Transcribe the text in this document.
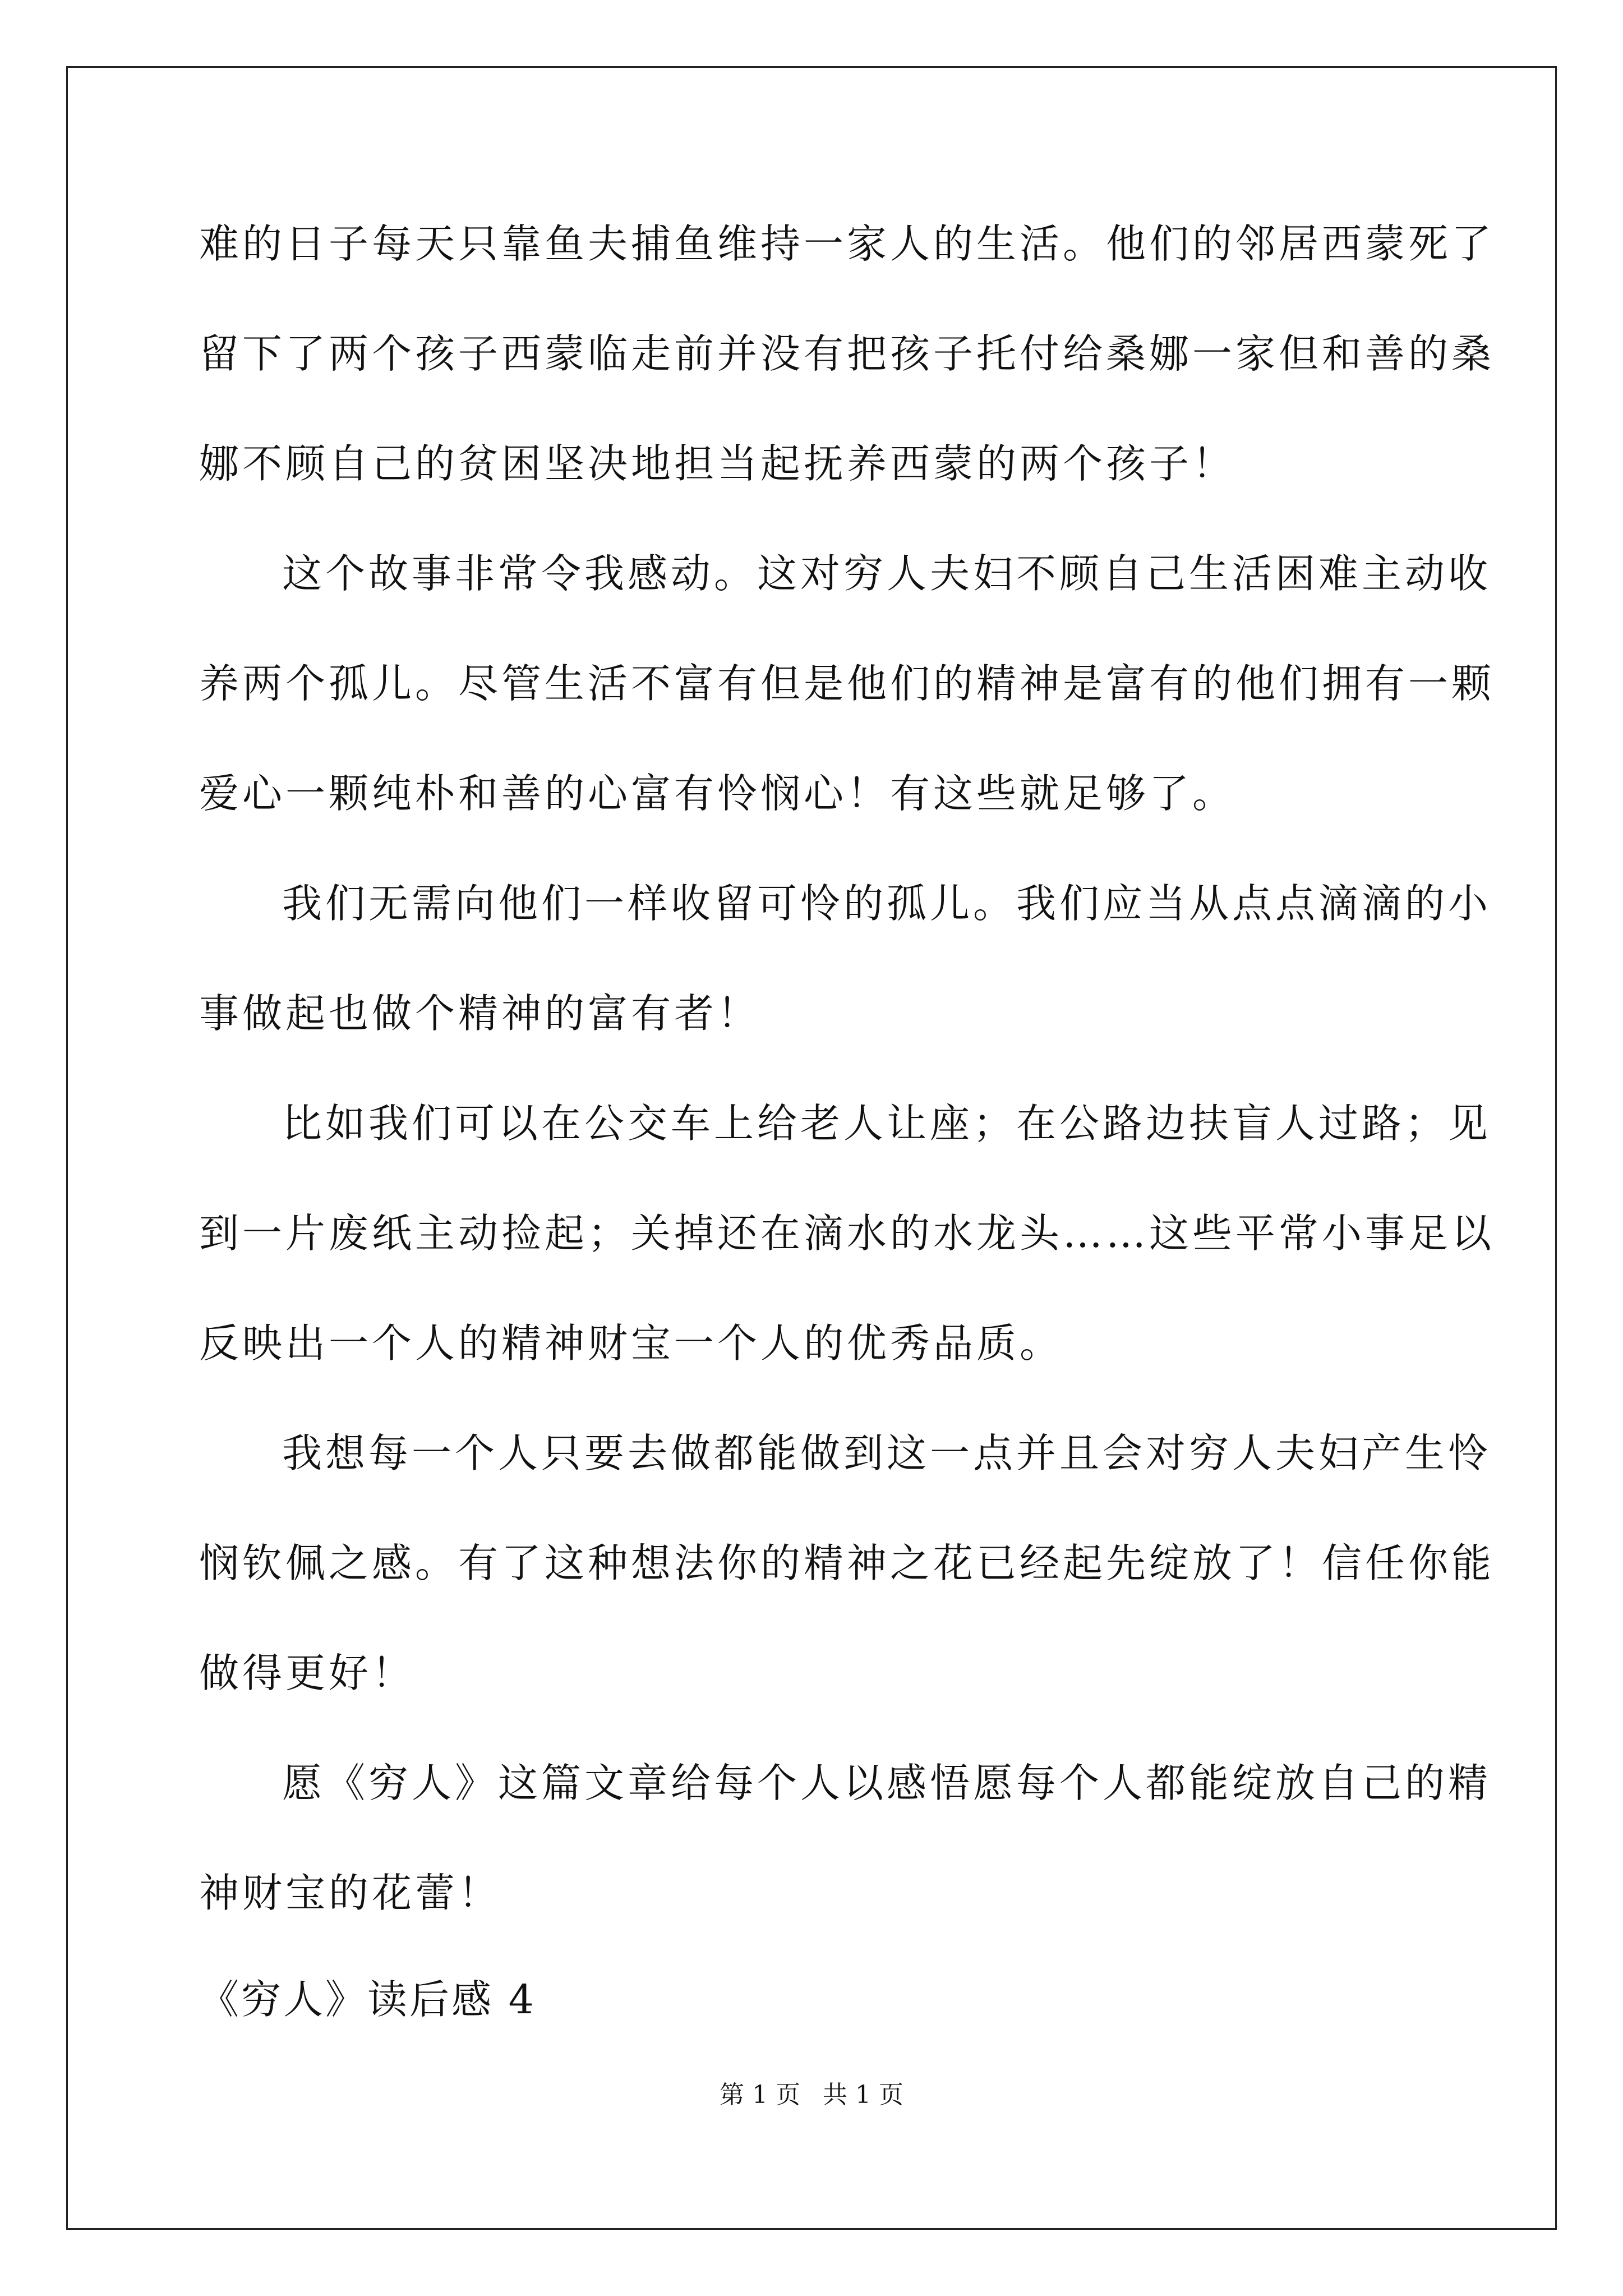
难的日子每天只靠鱼夫捕鱼维持一家人的生活。他们的邻居西蒙死了
留下了两个孩子西蒙临走前并没有把孩子托付给桑娜一家但和善的桑
娜不顾自己的贫困坚决地担当起抚养西蒙的两个孩子！
这个故事非常令我感动。这对穷人夫妇不顾自己生活困难主动收
养两个孤儿。尽管生活不富有但是他们的精神是富有的他们拥有一颗
爱心一颗纯朴和善的心富有怜悯心！有这些就足够了。
我们无需向他们一样收留可怜的孤儿。我们应当从点点滴滴的小
事做起也做个精神的富有者！
比如我们可以在公交车上给老人让座；在公路边扶盲人过路；见
到一片废纸主动捡起；关掉还在滴水的水龙头……这些平常小事足以
反映出一个人的精神财宝一个人的优秀品质。
我想每一个人只要去做都能做到这一点并且会对穷人夫妇产生怜
悯钦佩之感。有了这种想法你的精神之花已经起先绽放了！信任你能
做得更好！
愿《穷人》这篇文章给每个人以感悟愿每个人都能绽放自己的精
神财宝的花蕾！
《穷人》读后感 4
第 1 页 共 1 页
